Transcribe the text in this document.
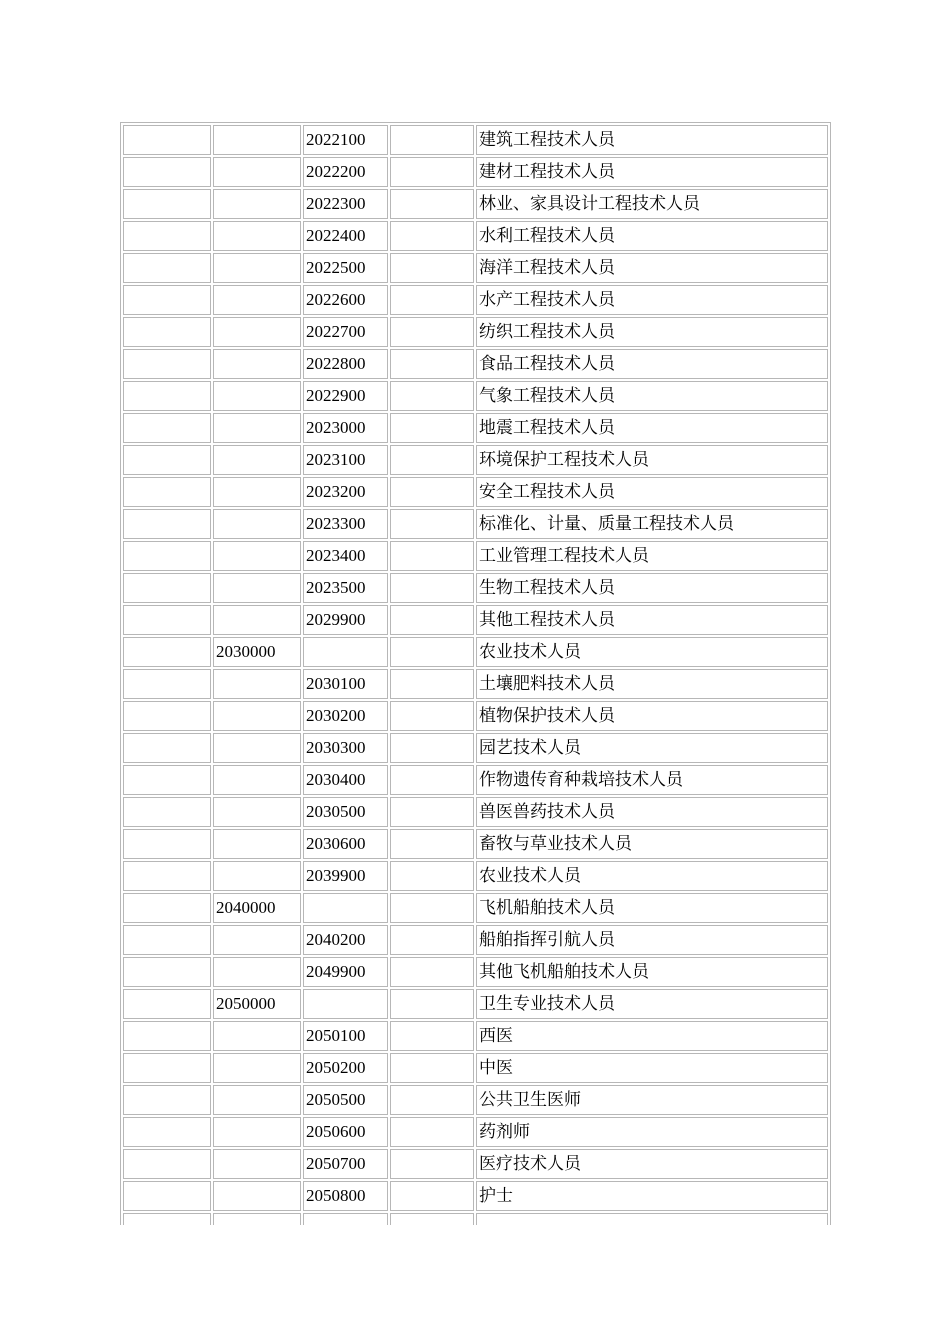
		2022100		建筑工程技术人员
		2022200		建材工程技术人员
		2022300		林业、家具设计工程技术人员
		2022400		水利工程技术人员
		2022500		海洋工程技术人员
		2022600		水产工程技术人员
		2022700		纺织工程技术人员
		2022800		食品工程技术人员
		2022900		气象工程技术人员
		2023000		地震工程技术人员
		2023100		环境保护工程技术人员
		2023200		安全工程技术人员
		2023300		标准化、计量、质量工程技术人员
		2023400		工业管理工程技术人员
		2023500		生物工程技术人员
		2029900		其他工程技术人员
	2030000			农业技术人员
		2030100		土壤肥料技术人员
		2030200		植物保护技术人员
		2030300		园艺技术人员
		2030400		作物遗传育种栽培技术人员
		2030500		兽医兽药技术人员
		2030600		畜牧与草业技术人员
		2039900		农业技术人员
	2040000			飞机船舶技术人员
		2040200		船舶指挥引航人员
		2049900		其他飞机船舶技术人员
	2050000			卫生专业技术人员
		2050100		西医
		2050200		中医
		2050500		公共卫生医师
		2050600		药剂师
		2050700		医疗技术人员
		2050800		护士
